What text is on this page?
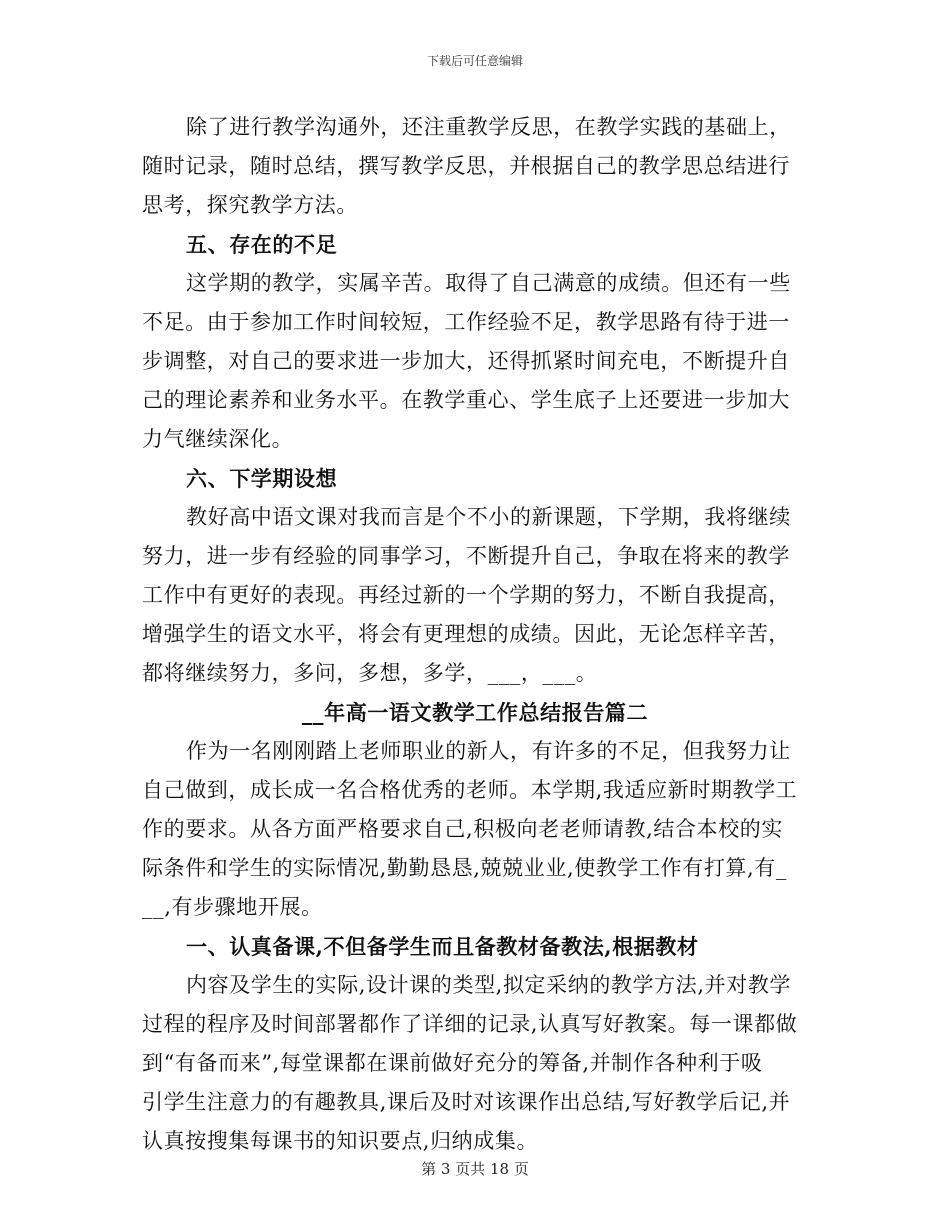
下载后可任意编辑
除了进行教学沟通外，还注重教学反思，在教学实践的基础上，
随时记录，随时总结，撰写教学反思，并根据自己的教学思总结进行
思考，探究教学方法。
五、存在的不足
这学期的教学，实属辛苦。取得了自己满意的成绩。但还有一些
不足。由于参加工作时间较短，工作经验不足，教学思路有待于进一
步调整，对自己的要求进一步加大，还得抓紧时间充电，不断提升自
己的理论素养和业务水平。在教学重心、学生底子上还要进一步加大
力气继续深化。
六、下学期设想
教好高中语文课对我而言是个不小的新课题，下学期，我将继续
努力，进一步有经验的同事学习，不断提升自己，争取在将来的教学
工作中有更好的表现。再经过新的一个学期的努力，不断自我提高，
增强学生的语文水平，将会有更理想的成绩。因此，无论怎样辛苦，
都将继续努力，多问，多想，多学，___，___。
__年高一语文教学工作总结报告篇二
作为一名刚刚踏上老师职业的新人，有许多的不足，但我努力让
自己做到，成长成一名合格优秀的老师。本学期,我适应新时期教学工
作的要求。从各方面严格要求自己,积极向老老师请教,结合本校的实
际条件和学生的实际情况,勤勤恳恳,兢兢业业,使教学工作有打算,有_
__,有步骤地开展。
一、认真备课,不但备学生而且备教材备教法,根据教材
内容及学生的实际,设计课的类型,拟定采纳的教学方法,并对教学
过程的程序及时间部署都作了详细的记录,认真写好教案。每一课都做
到“有备而来”,每堂课都在课前做好充分的筹备,并制作各种利于吸
引学生注意力的有趣教具,课后及时对该课作出总结,写好教学后记,并
认真按搜集每课书的知识要点,归纳成集。
第 3 页共 18 页
